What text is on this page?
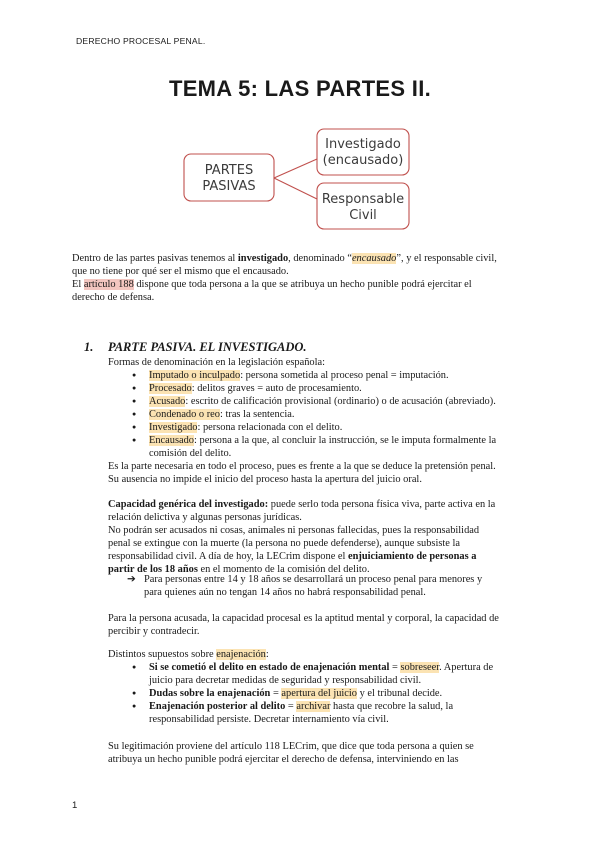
DERECHO PROCESAL PENAL.
TEMA 5: LAS PARTES II.
PARTES
PASIVAS
Investigado
(encausado)
Responsable
Civil
Dentro de las partes pasivas tenemos al investigado, denominado “encausado”, y el responsable civil,
que no tiene por qué ser el mismo que el encausado.
El artículo 188 dispone que toda persona a la que se atribuya un hecho punible podrá ejercitar el
derecho de defensa.
1. PARTE PASIVA. EL INVESTIGADO.
Formas de denominación en la legislación española:
● Imputado o inculpado: persona sometida al proceso penal = imputación.
● Procesado: delitos graves = auto de procesamiento.
● Acusado: escrito de calificación provisional (ordinario) o de acusación (abreviado).
● Condenado o reo: tras la sentencia.
● Investigado: persona relacionada con el delito.
● Encausado: persona a la que, al concluir la instrucción, se le imputa formalmente la
comisión del delito.
Es la parte necesaria en todo el proceso, pues es frente a la que se deduce la pretensión penal.
Su ausencia no impide el inicio del proceso hasta la apertura del juicio oral.
Capacidad genérica del investigado: puede serlo toda persona física viva, parte activa en la
relación delictiva y algunas personas jurídicas.
No podrán ser acusados ni cosas, animales ni personas fallecidas, pues la responsabilidad
penal se extingue con la muerte (la persona no puede defenderse), aunque subsiste la
responsabilidad civil. A día de hoy, la LECrim dispone el enjuiciamiento de personas a
partir de los 18 años en el momento de la comisión del delito.
➔ Para personas entre 14 y 18 años se desarrollará un proceso penal para menores y
para quienes aún no tengan 14 años no habrá responsabilidad penal.
Para la persona acusada, la capacidad procesal es la aptitud mental y corporal, la capacidad de
percibir y contradecir.
Distintos supuestos sobre enajenación:
● Si se cometió el delito en estado de enajenación mental = sobreseer. Apertura de
juicio para decretar medidas de seguridad y responsabilidad civil.
● Dudas sobre la enajenación = apertura del juicio y el tribunal decide.
● Enajenación posterior al delito = archivar hasta que recobre la salud, la
responsabilidad persiste. Decretar internamiento vía civil.
Su legitimación proviene del artículo 118 LECrim, que dice que toda persona a quien se
atribuya un hecho punible podrá ejercitar el derecho de defensa, interviniendo en las
1
